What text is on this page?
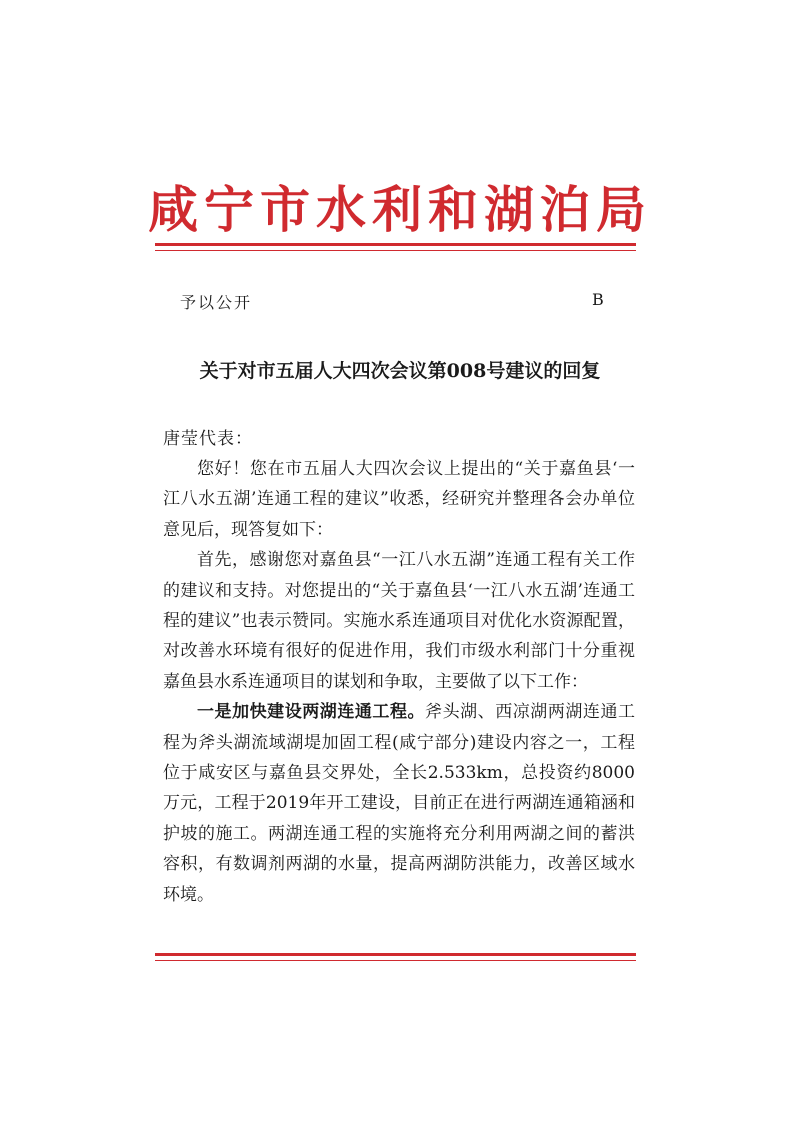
咸宁市水利和湖泊局
予以公开	B
关于对市五届人大四次会议第008号建议的回复
唐莹代表：

您好！您在市五届人大四次会议上提出的“关于嘉鱼县‘一江八水五湖’连通工程的建议”收悉，经研究并整理各会办单位意见后，现答复如下：

首先，感谢您对嘉鱼县“一江八水五湖”连通工程有关工作的建议和支持。对您提出的“关于嘉鱼县‘一江八水五湖’连通工程的建议”也表示赞同。实施水系连通项目对优化水资源配置，对改善水环境有很好的促进作用，我们市级水利部门十分重视嘉鱼县水系连通项目的谋划和争取，主要做了以下工作：

一是加快建设两湖连通工程。斧头湖、西凉湖两湖连通工程为斧头湖流域湖堤加固工程(咸宁部分)建设内容之一，工程位于咸安区与嘉鱼县交界处，全长2.533km，总投资约8000万元，工程于2019年开工建设，目前正在进行两湖连通箱涵和护坡的施工。两湖连通工程的实施将充分利用两湖之间的蓄洪容积，有数调剂两湖的水量，提高两湖防洪能力，改善区域水环境。
